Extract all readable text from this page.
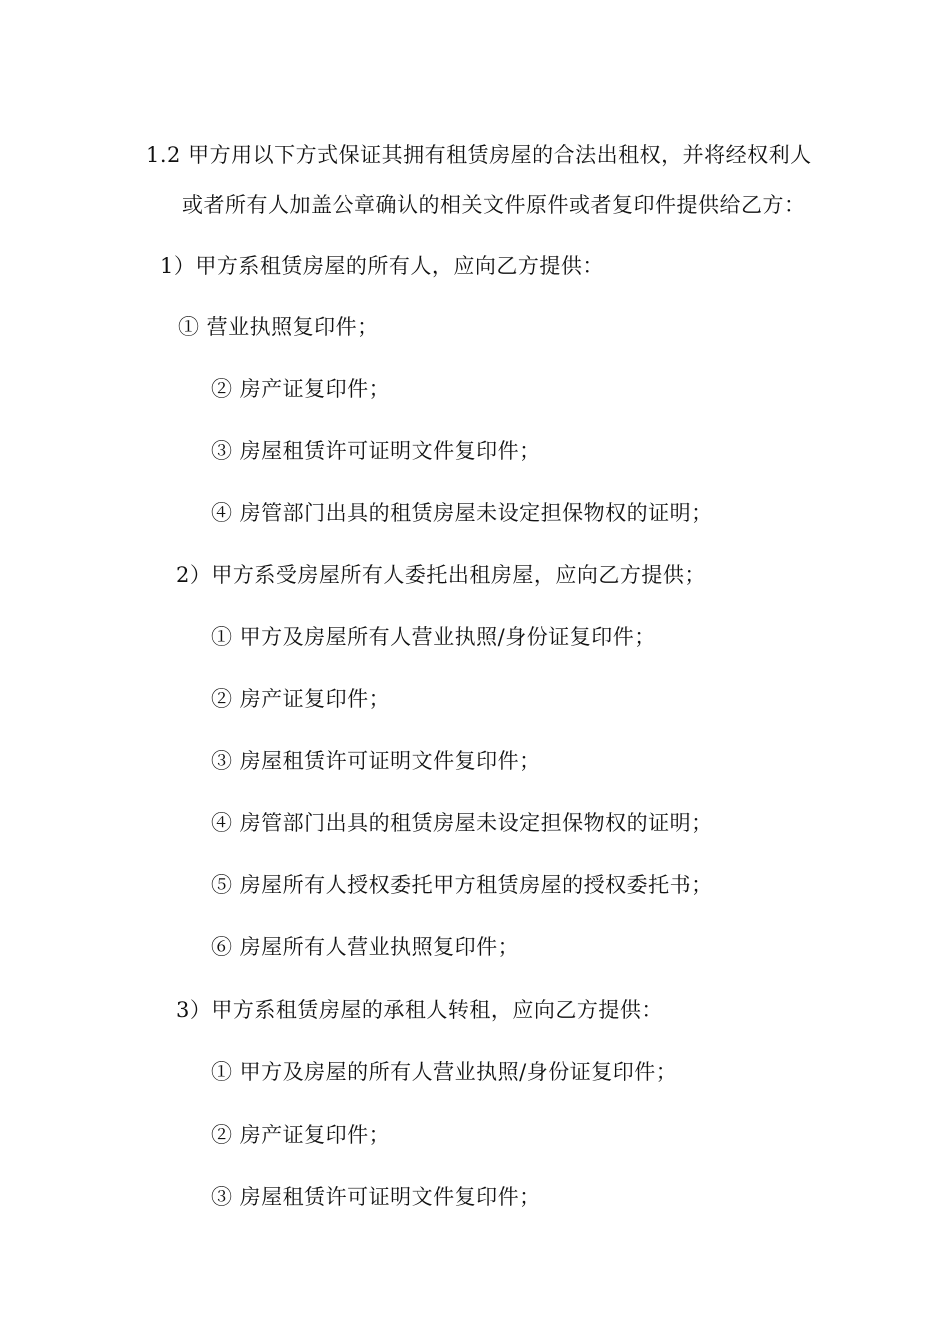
1.2 甲方用以下方式保证其拥有租赁房屋的合法出租权，并将经权利人
或者所有人加盖公章确认的相关文件原件或者复印件提供给乙方：
1）甲方系租赁房屋的所有人，应向乙方提供：
① 营业执照复印件；
② 房产证复印件；
③ 房屋租赁许可证明文件复印件；
④ 房管部门出具的租赁房屋未设定担保物权的证明；
2）甲方系受房屋所有人委托出租房屋，应向乙方提供；
① 甲方及房屋所有人营业执照/身份证复印件；
② 房产证复印件；
③ 房屋租赁许可证明文件复印件；
④ 房管部门出具的租赁房屋未设定担保物权的证明；
⑤ 房屋所有人授权委托甲方租赁房屋的授权委托书；
⑥ 房屋所有人营业执照复印件；
3）甲方系租赁房屋的承租人转租，应向乙方提供：
① 甲方及房屋的所有人营业执照/身份证复印件；
② 房产证复印件；
③ 房屋租赁许可证明文件复印件；
